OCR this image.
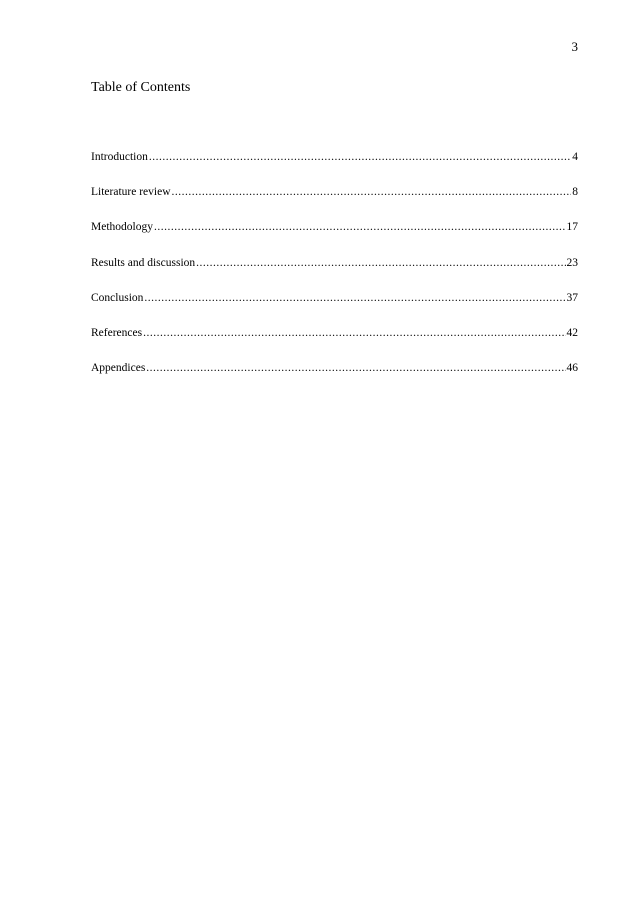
3
Table of Contents
Introduction .....	4
Literature review .....	8
Methodology .....	17
Results and discussion .....	23
Conclusion .....	37
References .....	42
Appendices .....	46
